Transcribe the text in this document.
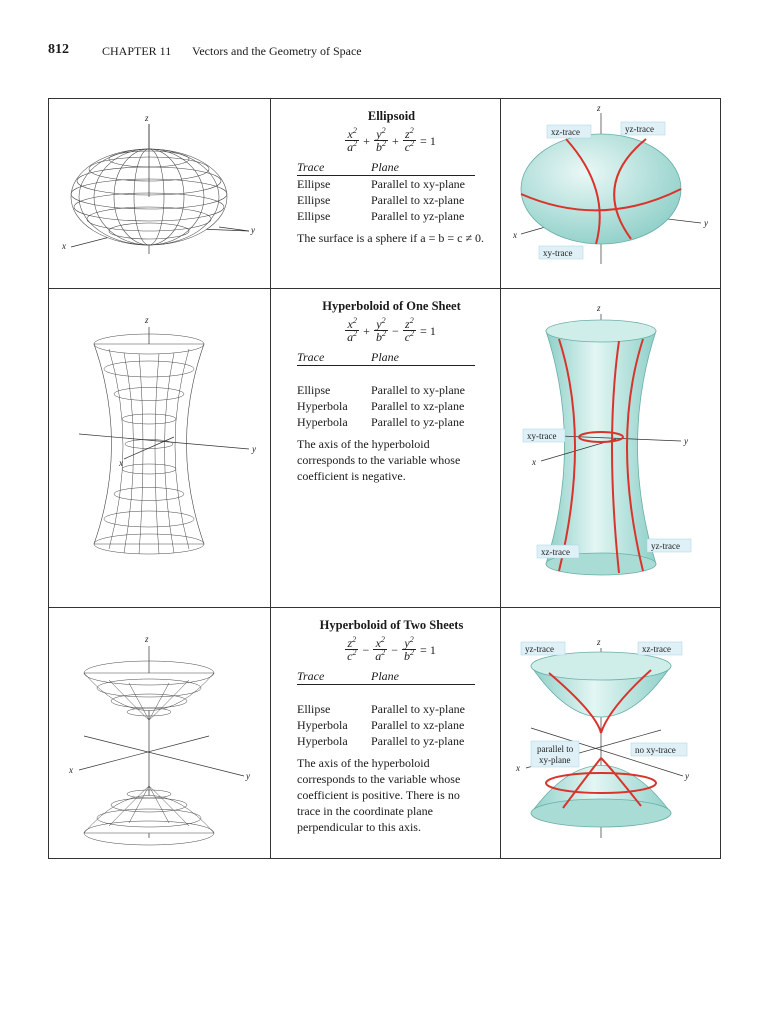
812	CHAPTER 11 Vectors and the Geometry of Space
z
y
x

Ellipsoid
$\frac{x^2}{a^2} + \frac{y^2}{b^2} + \frac{z^2}{c^2} = 1$
Trace	Plane
Ellipse	Parallel to xy-plane
Ellipse	Parallel to xz-plane
Ellipse	Parallel to yz-plane
The surface is a sphere if a = b = c ≠ 0.

z
y
x
xz-trace	yz-trace
xy-trace

z
y
x

Hyperboloid of One Sheet
$\frac{x^2}{a^2} + \frac{y^2}{b^2} - \frac{z^2}{c^2} = 1$
Trace	Plane

Ellipse	Parallel to xy-plane
Hyperbola	Parallel to xz-plane
Hyperbola	Parallel to yz-plane
The axis of the hyperboloid corresponds to the variable whose coefficient is negative.

z
y
x
xy-trace
xz-trace
yz-trace

z
y
x

Hyperboloid of Two Sheets
$\frac{z^2}{c^2} - \frac{x^2}{a^2} - \frac{y^2}{b^2} = 1$
Trace	Plane

Ellipse	Parallel to xy-plane
Hyperbola	Parallel to xz-plane
Hyperbola	Parallel to yz-plane
The axis of the hyperboloid corresponds to the variable whose coefficient is positive. There is no trace in the coordinate plane perpendicular to this axis.

z
y
x
yz-trace	xz-trace
parallel to
xy-plane
no xy-trace
